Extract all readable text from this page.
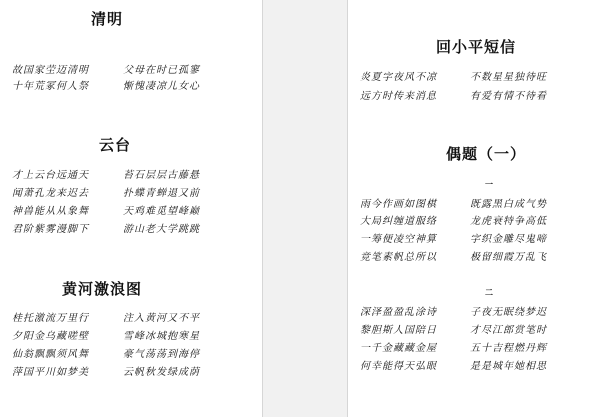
清明
故国家茔迈清明	父母在时已孤寥
十年荒冢何人祭	惭愧凄凉儿女心
云台
才上云台远通天	苔石层层古藤悬
闻萧孔龙来迟去	扑蝶青蝉退又前
神兽能从从象舞	天鸡难觅望峰巅
君阶紫雾漫脚下	游山老大学跳跳
黄河激浪图
桂托激流万里行	注入黄河又不平
夕阳金乌藏嗟壁	雪峰冰城抱寒星
仙翁飘飘须风舞	豪气荡荡到海停
萍国平川如梦美	云帆秋发绿成荫
回小平短信
炎夏字夜风不凉	不数星星独待旺
远方时传来消息	有爱有情不待看
偶题（一）
一
雨今作画如图棋	既露黑白成气势
大局纠缠道服络	龙虎衰特争高低
一筹便凌空神算	字织金雕尽鬼啼
竞笔素帆总所以	极留细霞万乱飞
二
深泽盈盈乱涂诗	子夜无眠绕梦迟
黎胆斯人国陪日	才尽江郎赏笔时
一千金藏藏金屋	五十吉程燃丹辉
何幸能得天弘眼	是是城年她相思
